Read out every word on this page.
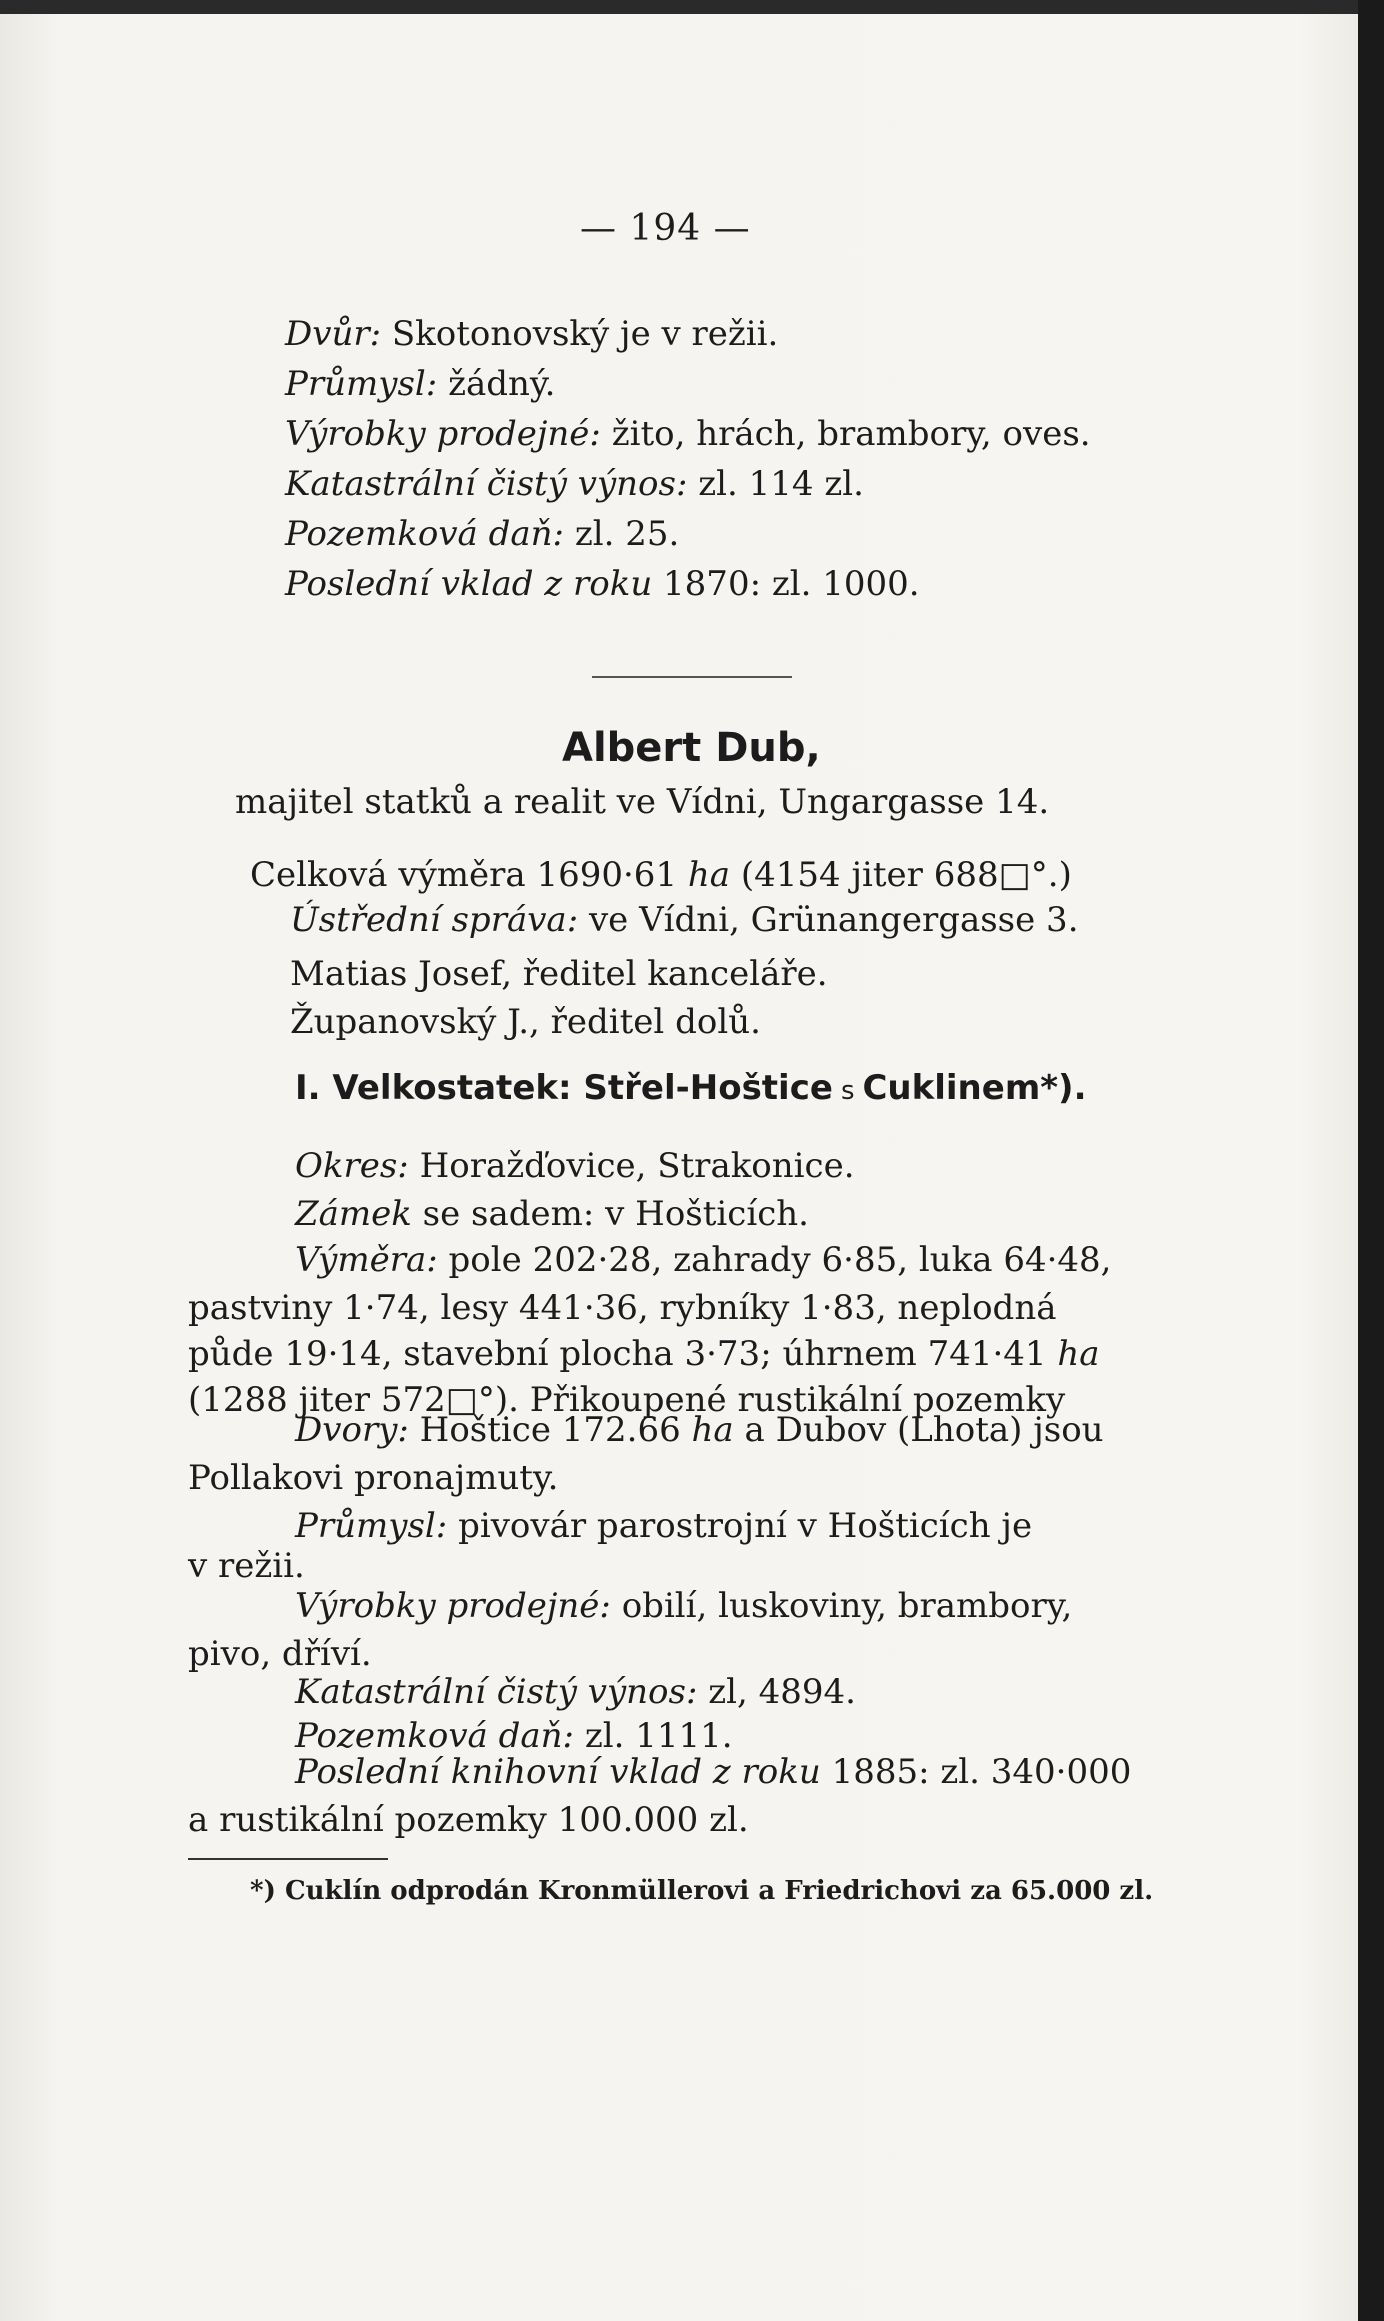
— 194 —
Dvůr: Skotonovský je v režii.
Průmysl: žádný.
Výrobky prodejné: žito, hrách, brambory, oves.
Katastrální čistý výnos: zl. 114 zl.
Pozemková daň: zl. 25.
Poslední vklad z roku 1870: zl. 1000.
Albert Dub,
majitel statků a realit ve Vídni, Ungargasse 14.
Celková výměra 1690·61 ha (4154 jiter 688□°.)
Ústřední správa: ve Vídni, Grünangergasse 3.
Matias Josef, ředitel kanceláře.
Županovský J., ředitel dolů.
I. Velkostatek: Střel-Hoštice s Cuklinem*).
Okres: Horažďovice, Strakonice.
Zámek se sadem: v Hošticích.
Výměra: pole 202·28, zahrady 6·85, luka 64·48,
pastviny 1·74, lesy 441·36, rybníky 1·83, neplodná
půde 19·14, stavební plocha 3·73; úhrnem 741·41 ha
(1288 jiter 572□°). Přikoupené rustikální pozemky
Dvory: Hoštice 172.66 ha a Dubov (Lhota) jsou
Pollakovi pronajmuty.
Průmysl: pivovár parostrojní v Hošticích je
v režii.
Výrobky prodejné: obilí, luskoviny, brambory,
pivo, dříví.
Katastrální čistý výnos: zl, 4894.
Pozemková daň: zl. 1111.
Poslední knihovní vklad z roku 1885: zl. 340·000
a rustikální pozemky 100.000 zl.
*) Cuklín odprodán Kronmüllerovi a Friedrichovi za 65.000 zl.
